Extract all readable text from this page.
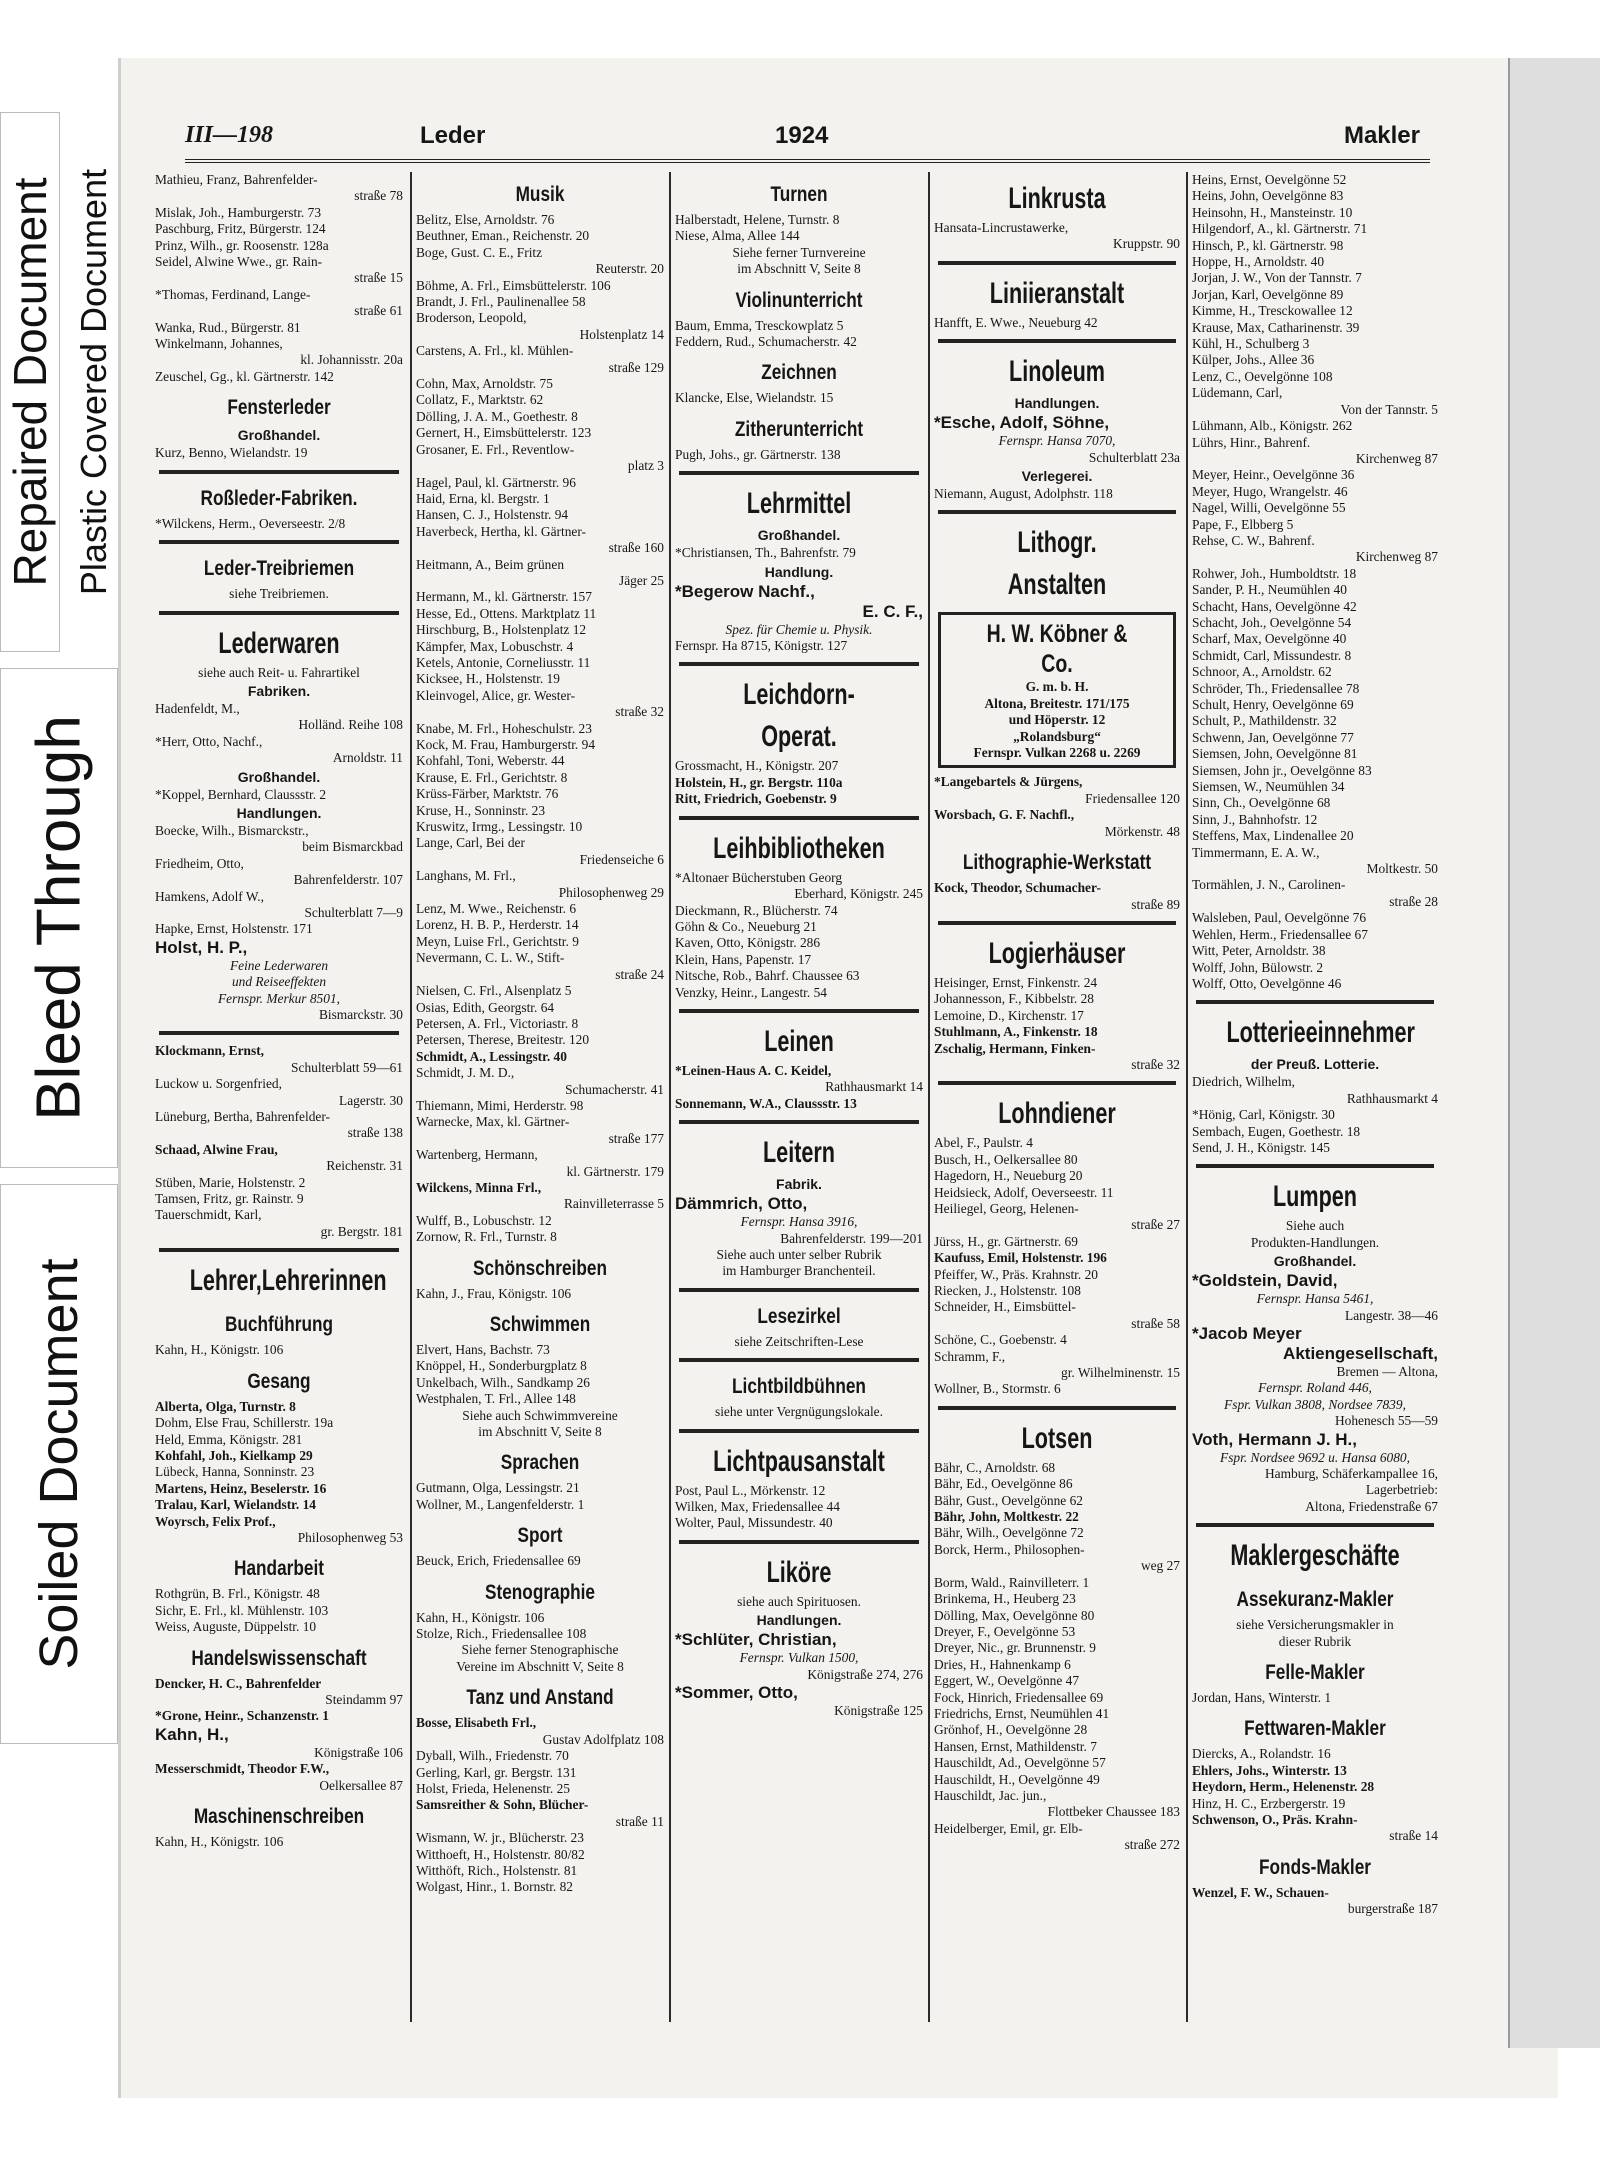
Repaired Document Plastic Covered Document
Bleed Through
Soiled Document
III—198	Leder	1924	Makler

Mathieu, Franz, Bahrenfelder-

straße 78

Mislak, Joh., Hamburgerstr. 73

Paschburg, Fritz, Bürgerstr. 124

Prinz, Wilh., gr. Roosenstr. 128a

Seidel, Alwine Wwe., gr. Rain-

straße 15

*Thomas, Ferdinand, Lange-

straße 61

Wanka, Rud., Bürgerstr. 81

Winkelmann, Johannes,

kl. Johannisstr. 20a

Zeuschel, Gg., kl. Gärtnerstr. 142

Fensterleder

Großhandel.

Kurz, Benno, Wielandstr. 19

Roßleder-Fabriken.

*Wilckens, Herm., Oeverseestr. 2/8

Leder-Treibriemen

siehe Treibriemen.

Lederwaren

siehe auch Reit- u. Fahrartikel

Fabriken.

Hadenfeldt, M.,

Holländ. Reihe 108

*Herr, Otto, Nachf.,

Arnoldstr. 11

Großhandel.

*Koppel, Bernhard, Claussstr. 2

Handlungen.

Boecke, Wilh., Bismarckstr.,

beim Bismarckbad

Friedheim, Otto,

Bahrenfelderstr. 107

Hamkens, Adolf W.,

Schulterblatt 7—9

Hapke, Ernst, Holstenstr. 171

Holst, H. P.,

Feine Lederwaren

und Reiseeffekten

Fernspr. Merkur 8501,

Bismarckstr. 30

Klockmann, Ernst,

Schulterblatt 59—61

Luckow u. Sorgenfried,

Lagerstr. 30

Lüneburg, Bertha, Bahrenfelder-

straße 138

Schaad, Alwine Frau,

Reichenstr. 31

Stüben, Marie, Holstenstr. 2

Tamsen, Fritz, gr. Rainstr. 9

Tauerschmidt, Karl,

gr. Bergstr. 181

Lehrer,Lehrerinnen
Buchführung

Kahn, H., Königstr. 106

Gesang

Alberta, Olga, Turnstr. 8

Dohm, Else Frau, Schillerstr. 19a

Held, Emma, Königstr. 281

Kohfahl, Joh., Kielkamp 29

Lübeck, Hanna, Sonninstr. 23

Martens, Heinz, Beselerstr. 16

Tralau, Karl, Wielandstr. 14

Woyrsch, Felix Prof.,

Philosophenweg 53

Handarbeit

Rothgrün, B. Frl., Königstr. 48

Sichr, E. Frl., kl. Mühlenstr. 103

Weiss, Auguste, Düppelstr. 10

Handelswissenschaft

Dencker, H. C., Bahrenfelder

Steindamm 97

*Grone, Heinr., Schanzenstr. 1

Kahn, H.,

Königstraße 106

Messerschmidt, Theodor F.W.,

Oelkersallee 87

Maschinenschreiben

Kahn, H., Königstr. 106

Musik

Belitz, Else, Arnoldstr. 76

Beuthner, Eman., Reichenstr. 20

Boge, Gust. C. E., Fritz

Reuterstr. 20

Böhme, A. Frl., Eimsbüttelerstr. 106

Brandt, J. Frl., Paulinenallee 58

Broderson, Leopold,

Holstenplatz 14

Carstens, A. Frl., kl. Mühlen-

straße 129

Cohn, Max, Arnoldstr. 75

Collatz, F., Marktstr. 62

Dölling, J. A. M., Goethestr. 8

Gernert, H., Eimsbüttelerstr. 123

Grosaner, E. Frl., Reventlow-

platz 3

Hagel, Paul, kl. Gärtnerstr. 96

Haid, Erna, kl. Bergstr. 1

Hansen, C. J., Holstenstr. 94

Haverbeck, Hertha, kl. Gärtner-

straße 160

Heitmann, A., Beim grünen

Jäger 25

Hermann, M., kl. Gärtnerstr. 157

Hesse, Ed., Ottens. Marktplatz 11

Hirschburg, B., Holstenplatz 12

Kämpfer, Max, Lobuschstr. 4

Ketels, Antonie, Corneliusstr. 11

Kicksee, H., Holstenstr. 19

Kleinvogel, Alice, gr. Wester-

straße 32

Knabe, M. Frl., Hoheschulstr. 23

Kock, M. Frau, Hamburgerstr. 94

Kohfahl, Toni, Weberstr. 44

Krause, E. Frl., Gerichtstr. 8

Krüss-Färber, Marktstr. 76

Kruse, H., Sonninstr. 23

Kruswitz, Irmg., Lessingstr. 10

Lange, Carl, Bei der

Friedenseiche 6

Langhans, M. Frl.,

Philosophenweg 29

Lenz, M. Wwe., Reichenstr. 6

Lorenz, H. B. P., Herderstr. 14

Meyn, Luise Frl., Gerichtstr. 9

Nevermann, C. L. W., Stift-

straße 24

Nielsen, C. Frl., Alsenplatz 5

Osias, Edith, Georgstr. 64

Petersen, A. Frl., Victoriastr. 8

Petersen, Therese, Breitestr. 120

Schmidt, A., Lessingstr. 40

Schmidt, J. M. D.,

Schumacherstr. 41

Thiemann, Mimi, Herderstr. 98

Warnecke, Max, kl. Gärtner-

straße 177

Wartenberg, Hermann,

kl. Gärtnerstr. 179

Wilckens, Minna Frl.,

Rainvilleterrasse 5

Wulff, B., Lobuschstr. 12

Zornow, R. Frl., Turnstr. 8

Schönschreiben

Kahn, J., Frau, Königstr. 106

Schwimmen

Elvert, Hans, Bachstr. 73

Knöppel, H., Sonderburgplatz 8

Unkelbach, Wilh., Sandkamp 26

Westphalen, T. Frl., Allee 148

Siehe auch Schwimmvereine

im Abschnitt V, Seite 8

Sprachen

Gutmann, Olga, Lessingstr. 21

Wollner, M., Langenfelderstr. 1

Sport

Beuck, Erich, Friedensallee 69

Stenographie

Kahn, H., Königstr. 106

Stolze, Rich., Friedensallee 108

Siehe ferner Stenographische

Vereine im Abschnitt V, Seite 8

Tanz und Anstand

Bosse, Elisabeth Frl.,

Gustav Adolfplatz 108

Dyball, Wilh., Friedenstr. 70

Gerling, Karl, gr. Bergstr. 131

Holst, Frieda, Helenenstr. 25

Samsreither & Sohn, Blücher-

straße 11

Wismann, W. jr., Blücherstr. 23

Witthoeft, H., Holstenstr. 80/82

Witthöft, Rich., Holstenstr. 81

Wolgast, Hinr., 1. Bornstr. 82

Turnen

Halberstadt, Helene, Turnstr. 8

Niese, Alma, Allee 144

Siehe ferner Turnvereine

im Abschnitt V, Seite 8

Violinunterricht

Baum, Emma, Tresckowplatz 5

Feddern, Rud., Schumacherstr. 42

Zeichnen

Klancke, Else, Wielandstr. 15

Zitherunterricht

Pugh, Johs., gr. Gärtnerstr. 138

Lehrmittel

Großhandel.

*Christiansen, Th., Bahrenfstr. 79

Handlung.

*Begerow Nachf.,

E. C. F.,

Spez. für Chemie u. Physik.

Fernspr. Ha 8715, Königstr. 127

Leichdorn-Operat.

Grossmacht, H., Königstr. 207

Holstein, H., gr. Bergstr. 110a

Ritt, Friedrich, Goebenstr. 9

Leihbibliotheken

*Altonaer Bücherstuben Georg

Eberhard, Königstr. 245

Dieckmann, R., Blücherstr. 74

Göhn & Co., Neueburg 21

Kaven, Otto, Königstr. 286

Klein, Hans, Papenstr. 17

Nitsche, Rob., Bahrf. Chaussee 63

Venzky, Heinr., Langestr. 54

Leinen

*Leinen-Haus A. C. Keidel,

Rathhausmarkt 14

Sonnemann, W.A., Claussstr. 13

Leitern

Fabrik.

Dämmrich, Otto,

Fernspr. Hansa 3916,

Bahrenfelderstr. 199—201

Siehe auch unter selber Rubrik

im Hamburger Branchenteil.

Lesezirkel

siehe Zeitschriften-Lese

Lichtbildbühnen

siehe unter Vergnügungslokale.

Lichtpausanstalt

Post, Paul L., Mörkenstr. 12

Wilken, Max, Friedensallee 44

Wolter, Paul, Missundestr. 40

Liköre

siehe auch Spirituosen.

Handlungen.

*Schlüter, Christian,

Fernspr. Vulkan 1500,

Königstraße 274, 276

*Sommer, Otto,

Königstraße 125

Linkrusta

Hansata-Lincrustawerke,

Kruppstr. 90

Liniieranstalt

Hanfft, E. Wwe., Neueburg 42

Linoleum

Handlungen.

*Esche, Adolf, Söhne,

Fernspr. Hansa 7070,

Schulterblatt 23a

Verlegerei.

Niemann, August, Adolphstr. 118

Lithogr. Anstalten
H. W. Köbner & Co.

G. m. b. H.

Altona, Breitestr. 171/175

und Höperstr. 12

„Rolandsburg“

Fernspr. Vulkan 2268 u. 2269

*Langebartels & Jürgens,

Friedensallee 120

Worsbach, G. F. Nachfl.,

Mörkenstr. 48

Lithographie-Werkstatt

Kock, Theodor, Schumacher-

straße 89

Logierhäuser

Heisinger, Ernst, Finkenstr. 24

Johannesson, F., Kibbelstr. 28

Lemoine, D., Kirchenstr. 17

Stuhlmann, A., Finkenstr. 18

Zschalig, Hermann, Finken-

straße 32

Lohndiener

Abel, F., Paulstr. 4

Busch, H., Oelkersallee 80

Hagedorn, H., Neueburg 20

Heidsieck, Adolf, Oeverseestr. 11

Heiliegel, Georg, Helenen-

straße 27

Jürss, H., gr. Gärtnerstr. 69

Kaufuss, Emil, Holstenstr. 196

Pfeiffer, W., Präs. Krahnstr. 20

Riecken, J., Holstenstr. 108

Schneider, H., Eimsbüttel-

straße 58

Schöne, C., Goebenstr. 4

Schramm, F.,

gr. Wilhelminenstr. 15

Wollner, B., Stormstr. 6

Lotsen

Bähr, C., Arnoldstr. 68

Bähr, Ed., Oevelgönne 86

Bähr, Gust., Oevelgönne 62

Bähr, John, Moltkestr. 22

Bähr, Wilh., Oevelgönne 72

Borck, Herm., Philosophen-

weg 27

Borm, Wald., Rainvilleterr. 1

Brinkema, H., Heuberg 23

Dölling, Max, Oevelgönne 80

Dreyer, F., Oevelgönne 53

Dreyer, Nic., gr. Brunnenstr. 9

Dries, H., Hahnenkamp 6

Eggert, W., Oevelgönne 47

Fock, Hinrich, Friedensallee 69

Friedrichs, Ernst, Neumühlen 41

Grönhof, H., Oevelgönne 28

Hansen, Ernst, Mathildenstr. 7

Hauschildt, Ad., Oevelgönne 57

Hauschildt, H., Oevelgönne 49

Hauschildt, Jac. jun.,

Flottbeker Chaussee 183

Heidelberger, Emil, gr. Elb-

straße 272

Heins, Ernst, Oevelgönne 52

Heins, John, Oevelgönne 83

Heinsohn, H., Mansteinstr. 10

Hilgendorf, A., kl. Gärtnerstr. 71

Hinsch, P., kl. Gärtnerstr. 98

Hoppe, H., Arnoldstr. 40

Jorjan, J. W., Von der Tannstr. 7

Jorjan, Karl, Oevelgönne 89

Kimme, H., Tresckowallee 12

Krause, Max, Catharinenstr. 39

Kühl, H., Schulberg 3

Külper, Johs., Allee 36

Lenz, C., Oevelgönne 108

Lüdemann, Carl,

Von der Tannstr. 5

Lühmann, Alb., Königstr. 262

Lührs, Hinr., Bahrenf.

Kirchenweg 87

Meyer, Heinr., Oevelgönne 36

Meyer, Hugo, Wrangelstr. 46

Nagel, Willi, Oevelgönne 55

Pape, F., Elbberg 5

Rehse, C. W., Bahrenf.

Kirchenweg 87

Rohwer, Joh., Humboldtstr. 18

Sander, P. H., Neumühlen 40

Schacht, Hans, Oevelgönne 42

Schacht, Joh., Oevelgönne 54

Scharf, Max, Oevelgönne 40

Schmidt, Carl, Missundestr. 8

Schnoor, A., Arnoldstr. 62

Schröder, Th., Friedensallee 78

Schult, Henry, Oevelgönne 69

Schult, P., Mathildenstr. 32

Schwenn, Jan, Oevelgönne 77

Siemsen, John, Oevelgönne 81

Siemsen, John jr., Oevelgönne 83

Siemsen, W., Neumühlen 34

Sinn, Ch., Oevelgönne 68

Sinn, J., Bahnhofstr. 12

Steffens, Max, Lindenallee 20

Timmermann, E. A. W.,

Moltkestr. 50

Tormählen, J. N., Carolinen-

straße 28

Walsleben, Paul, Oevelgönne 76

Wehlen, Herm., Friedensallee 67

Witt, Peter, Arnoldstr. 38

Wolff, John, Bülowstr. 2

Wolff, Otto, Oevelgönne 46

Lotterieeinnehmer

der Preuß. Lotterie.

Diedrich, Wilhelm,

Rathhausmarkt 4

*Hönig, Carl, Königstr. 30

Sembach, Eugen, Goethestr. 18

Send, J. H., Königstr. 145

Lumpen

Siehe auch

Produkten-Handlungen.

Großhandel.

*Goldstein, David,

Fernspr. Hansa 5461,

Langestr. 38—46

*Jacob Meyer

Aktiengesellschaft,

Bremen — Altona,

Fernspr. Roland 446,

Fspr. Vulkan 3808, Nordsee 7839,

Hohenesch 55—59

Voth, Hermann J. H.,

Fspr. Nordsee 9692 u. Hansa 6080,

Hamburg, Schäferkampallee 16,

Lagerbetrieb:

Altona, Friedenstraße 67

Maklergeschäfte
Assekuranz-Makler

siehe Versicherungsmakler in

dieser Rubrik

Felle-Makler

Jordan, Hans, Winterstr. 1

Fettwaren-Makler

Diercks, A., Rolandstr. 16

Ehlers, Johs., Winterstr. 13

Heydorn, Herm., Helenenstr. 28

Hinz, H. C., Erzbergerstr. 19

Schwenson, O., Präs. Krahn-

straße 14

Fonds-Makler

Wenzel, F. W., Schauen-

burgerstraße 187
